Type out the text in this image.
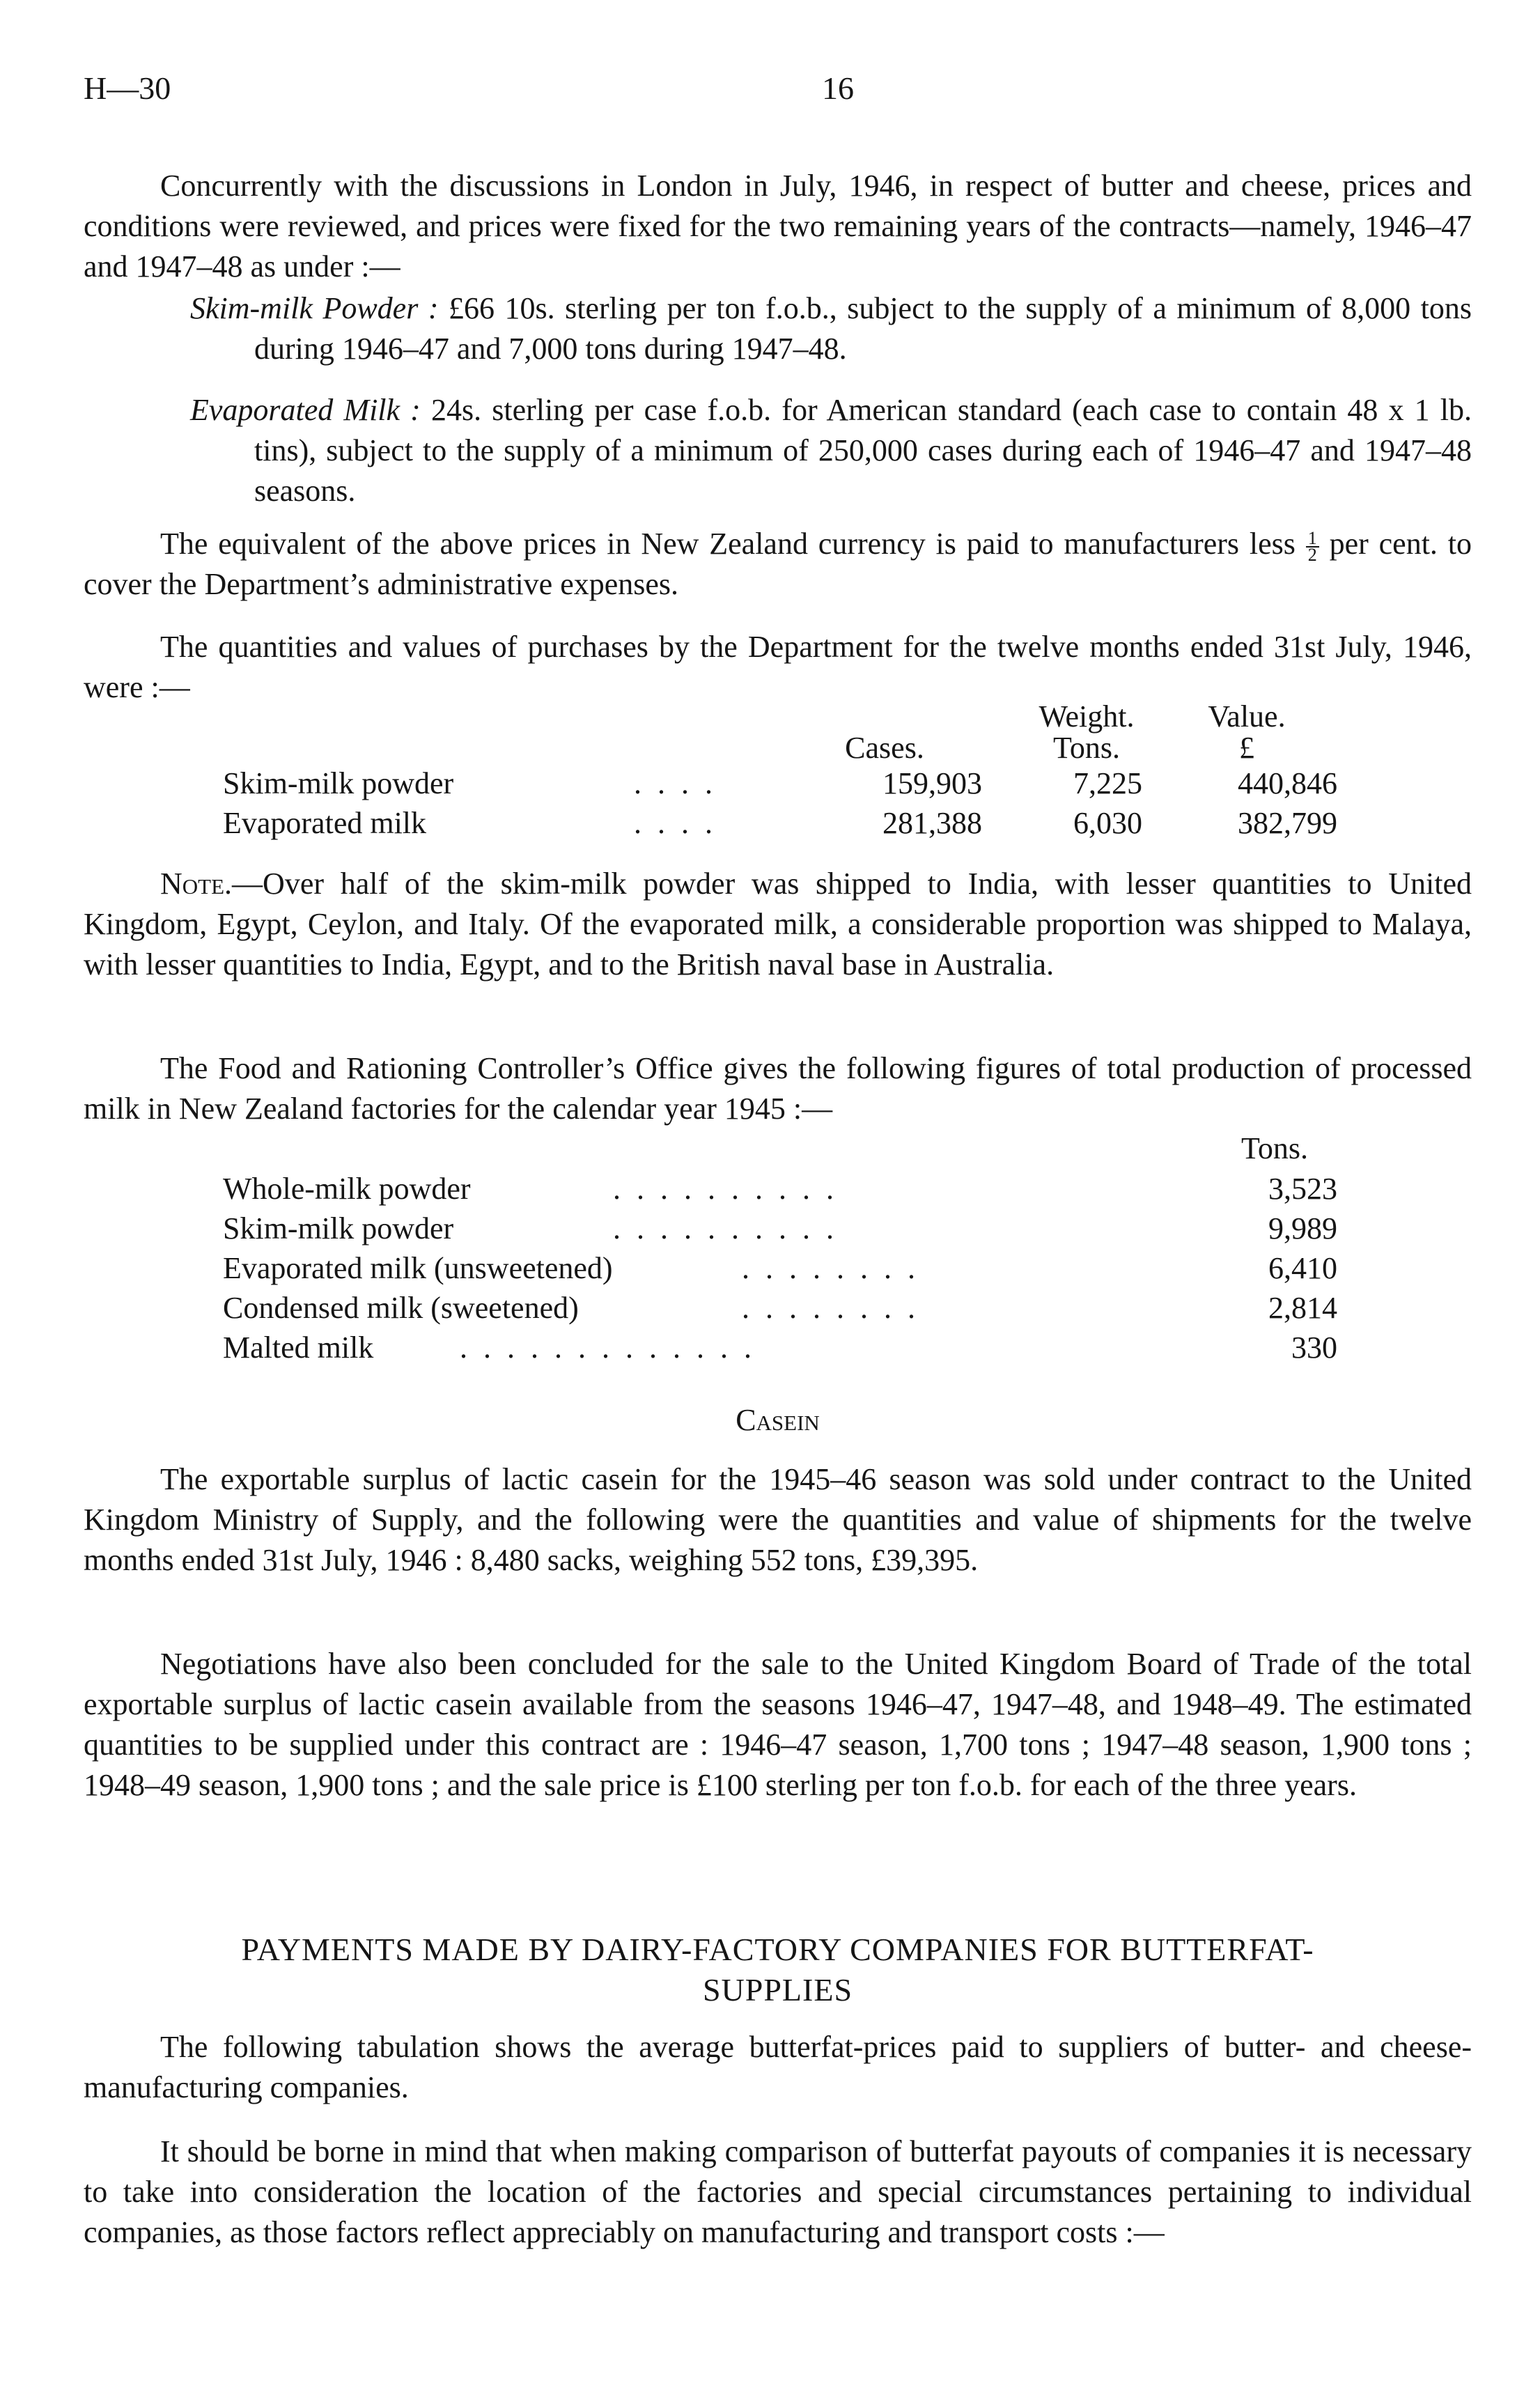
H—30	16

Concurrently with the discussions in London in July, 1946, in respect of butter and cheese, prices and conditions were reviewed, and prices were fixed for the two remaining years of the contracts—namely, 1946–47 and 1947–48 as under :—

Skim-milk Powder : £66 10s. sterling per ton f.o.b., subject to the supply of a minimum of 8,000 tons during 1946–47 and 7,000 tons during 1947–48.

Evaporated Milk : 24s. sterling per case f.o.b. for American standard (each case to contain 48 x 1 lb. tins), subject to the supply of a minimum of 250,000 cases during each of 1946–47 and 1947–48 seasons.

The equivalent of the above prices in New Zealand currency is paid to manufacturers less $\frac{1}{2}$ per cent. to cover the Department’s administrative expenses.

The quantities and values of purchases by the Department for the twelve months ended 31st July, 1946, were :—

Weight.	Value.
Cases.	Tons.	£
Skim-milk powder	. . . .	159,903	7,225	440,846
Evaporated milk	. . . .	281,388	6,030	382,799

Note.—Over half of the skim-milk powder was shipped to India, with lesser quantities to United Kingdom, Egypt, Ceylon, and Italy. Of the evaporated milk, a considerable proportion was shipped to Malaya, with lesser quantities to India, Egypt, and to the British naval base in Australia.

The Food and Rationing Controller’s Office gives the following figures of total production of processed milk in New Zealand factories for the calendar year 1945 :—

Tons.
Whole-milk powder	. . . . . . . . . .	3,523
Skim-milk powder	. . . . . . . . . .	9,989
Evaporated milk (unsweetened)	. . . . . . . .	6,410
Condensed milk (sweetened)	. . . . . . . .	2,814
Malted milk	. . . . . . . . . . . . .	330
Casein

The exportable surplus of lactic casein for the 1945–46 season was sold under contract to the United Kingdom Ministry of Supply, and the following were the quantities and value of shipments for the twelve months ended 31st July, 1946 : 8,480 sacks, weighing 552 tons, £39,395.

Negotiations have also been concluded for the sale to the United Kingdom Board of Trade of the total exportable surplus of lactic casein available from the seasons 1946–47, 1947–48, and 1948–49. The estimated quantities to be supplied under this contract are : 1946–47 season, 1,700 tons ; 1947–48 season, 1,900 tons ; 1948–49 season, 1,900 tons ; and the sale price is £100 sterling per ton f.o.b. for each of the three years.

PAYMENTS MADE BY DAIRY-FACTORY COMPANIES FOR BUTTERFAT-
SUPPLIES

The following tabulation shows the average butterfat-prices paid to suppliers of butter- and cheese-manufacturing companies.

It should be borne in mind that when making comparison of butterfat payouts of companies it is necessary to take into consideration the location of the factories and special circumstances pertaining to individual companies, as those factors reflect appreciably on manufacturing and transport costs :—
